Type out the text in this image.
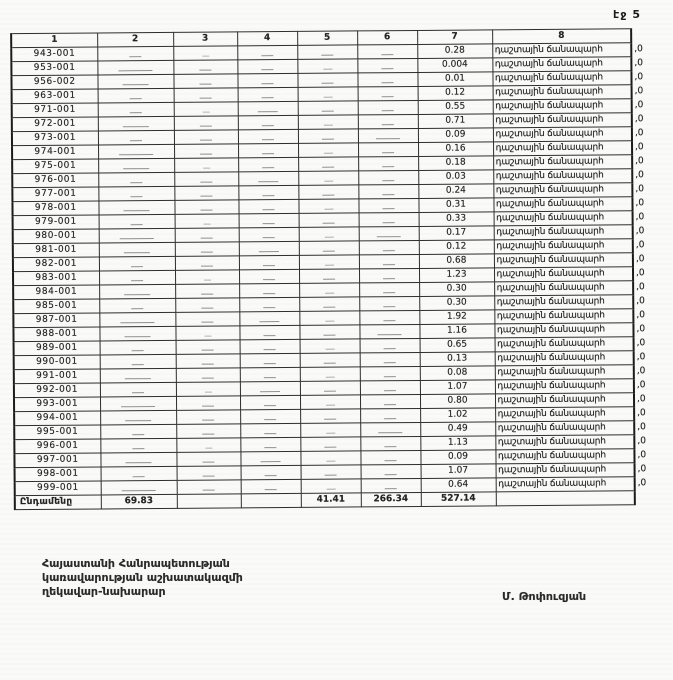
էջ 5
1	2	3	4	5	6	7	8	
943-001						0.28	դաշտային ճանապարհ	,0
953-001						0.004	դաշտային ճանապարհ	,0
956-002						0.01	դաշտային ճանապարհ	,0
963-001						0.12	դաշտային ճանապարհ	,0
971-001						0.55	դաշտային ճանապարհ	,0
972-001						0.71	դաշտային ճանապարհ	,0
973-001						0.09	դաշտային ճանապարհ	,0
974-001						0.16	դաշտային ճանապարհ	,0
975-001						0.18	դաշտային ճանապարհ	,0
976-001						0.03	դաշտային ճանապարհ	,0
977-001						0.24	դաշտային ճանապարհ	,0
978-001						0.31	դաշտային ճանապարհ	,0
979-001						0.33	դաշտային ճանապարհ	,0
980-001						0.17	դաշտային ճանապարհ	,0
981-001						0.12	դաշտային ճանապարհ	,0
982-001						0.68	դաշտային ճանապարհ	,0
983-001						1.23	դաշտային ճանապարհ	,0
984-001						0.30	դաշտային ճանապարհ	,0
985-001						0.30	դաշտային ճանապարհ	,0
987-001						1.92	դաշտային ճանապարհ	,0
988-001						1.16	դաշտային ճանապարհ	,0
989-001						0.65	դաշտային ճանապարհ	,0
990-001						0.13	դաշտային ճանապարհ	,0
991-001						0.08	դաշտային ճանապարհ	,0
992-001						1.07	դաշտային ճանապարհ	,0
993-001						0.80	դաշտային ճանապարհ	,0
994-001						1.02	դաշտային ճանապարհ	,0
995-001						0.49	դաշտային ճանապարհ	,0
996-001						1.13	դաշտային ճանապարհ	,0
997-001						0.09	դաշտային ճանապարհ	,0
998-001						1.07	դաշտային ճանապարհ	,0
999-001						0.64	դաշտային ճանապարհ	,0
Ընդամենը	69.83			41.41	266.34	527.14		
Հայաստանի Հանրապետության
կառավարության աշխատակազմի
ղեկավար-նախարար	Մ. Թոփուզյան
